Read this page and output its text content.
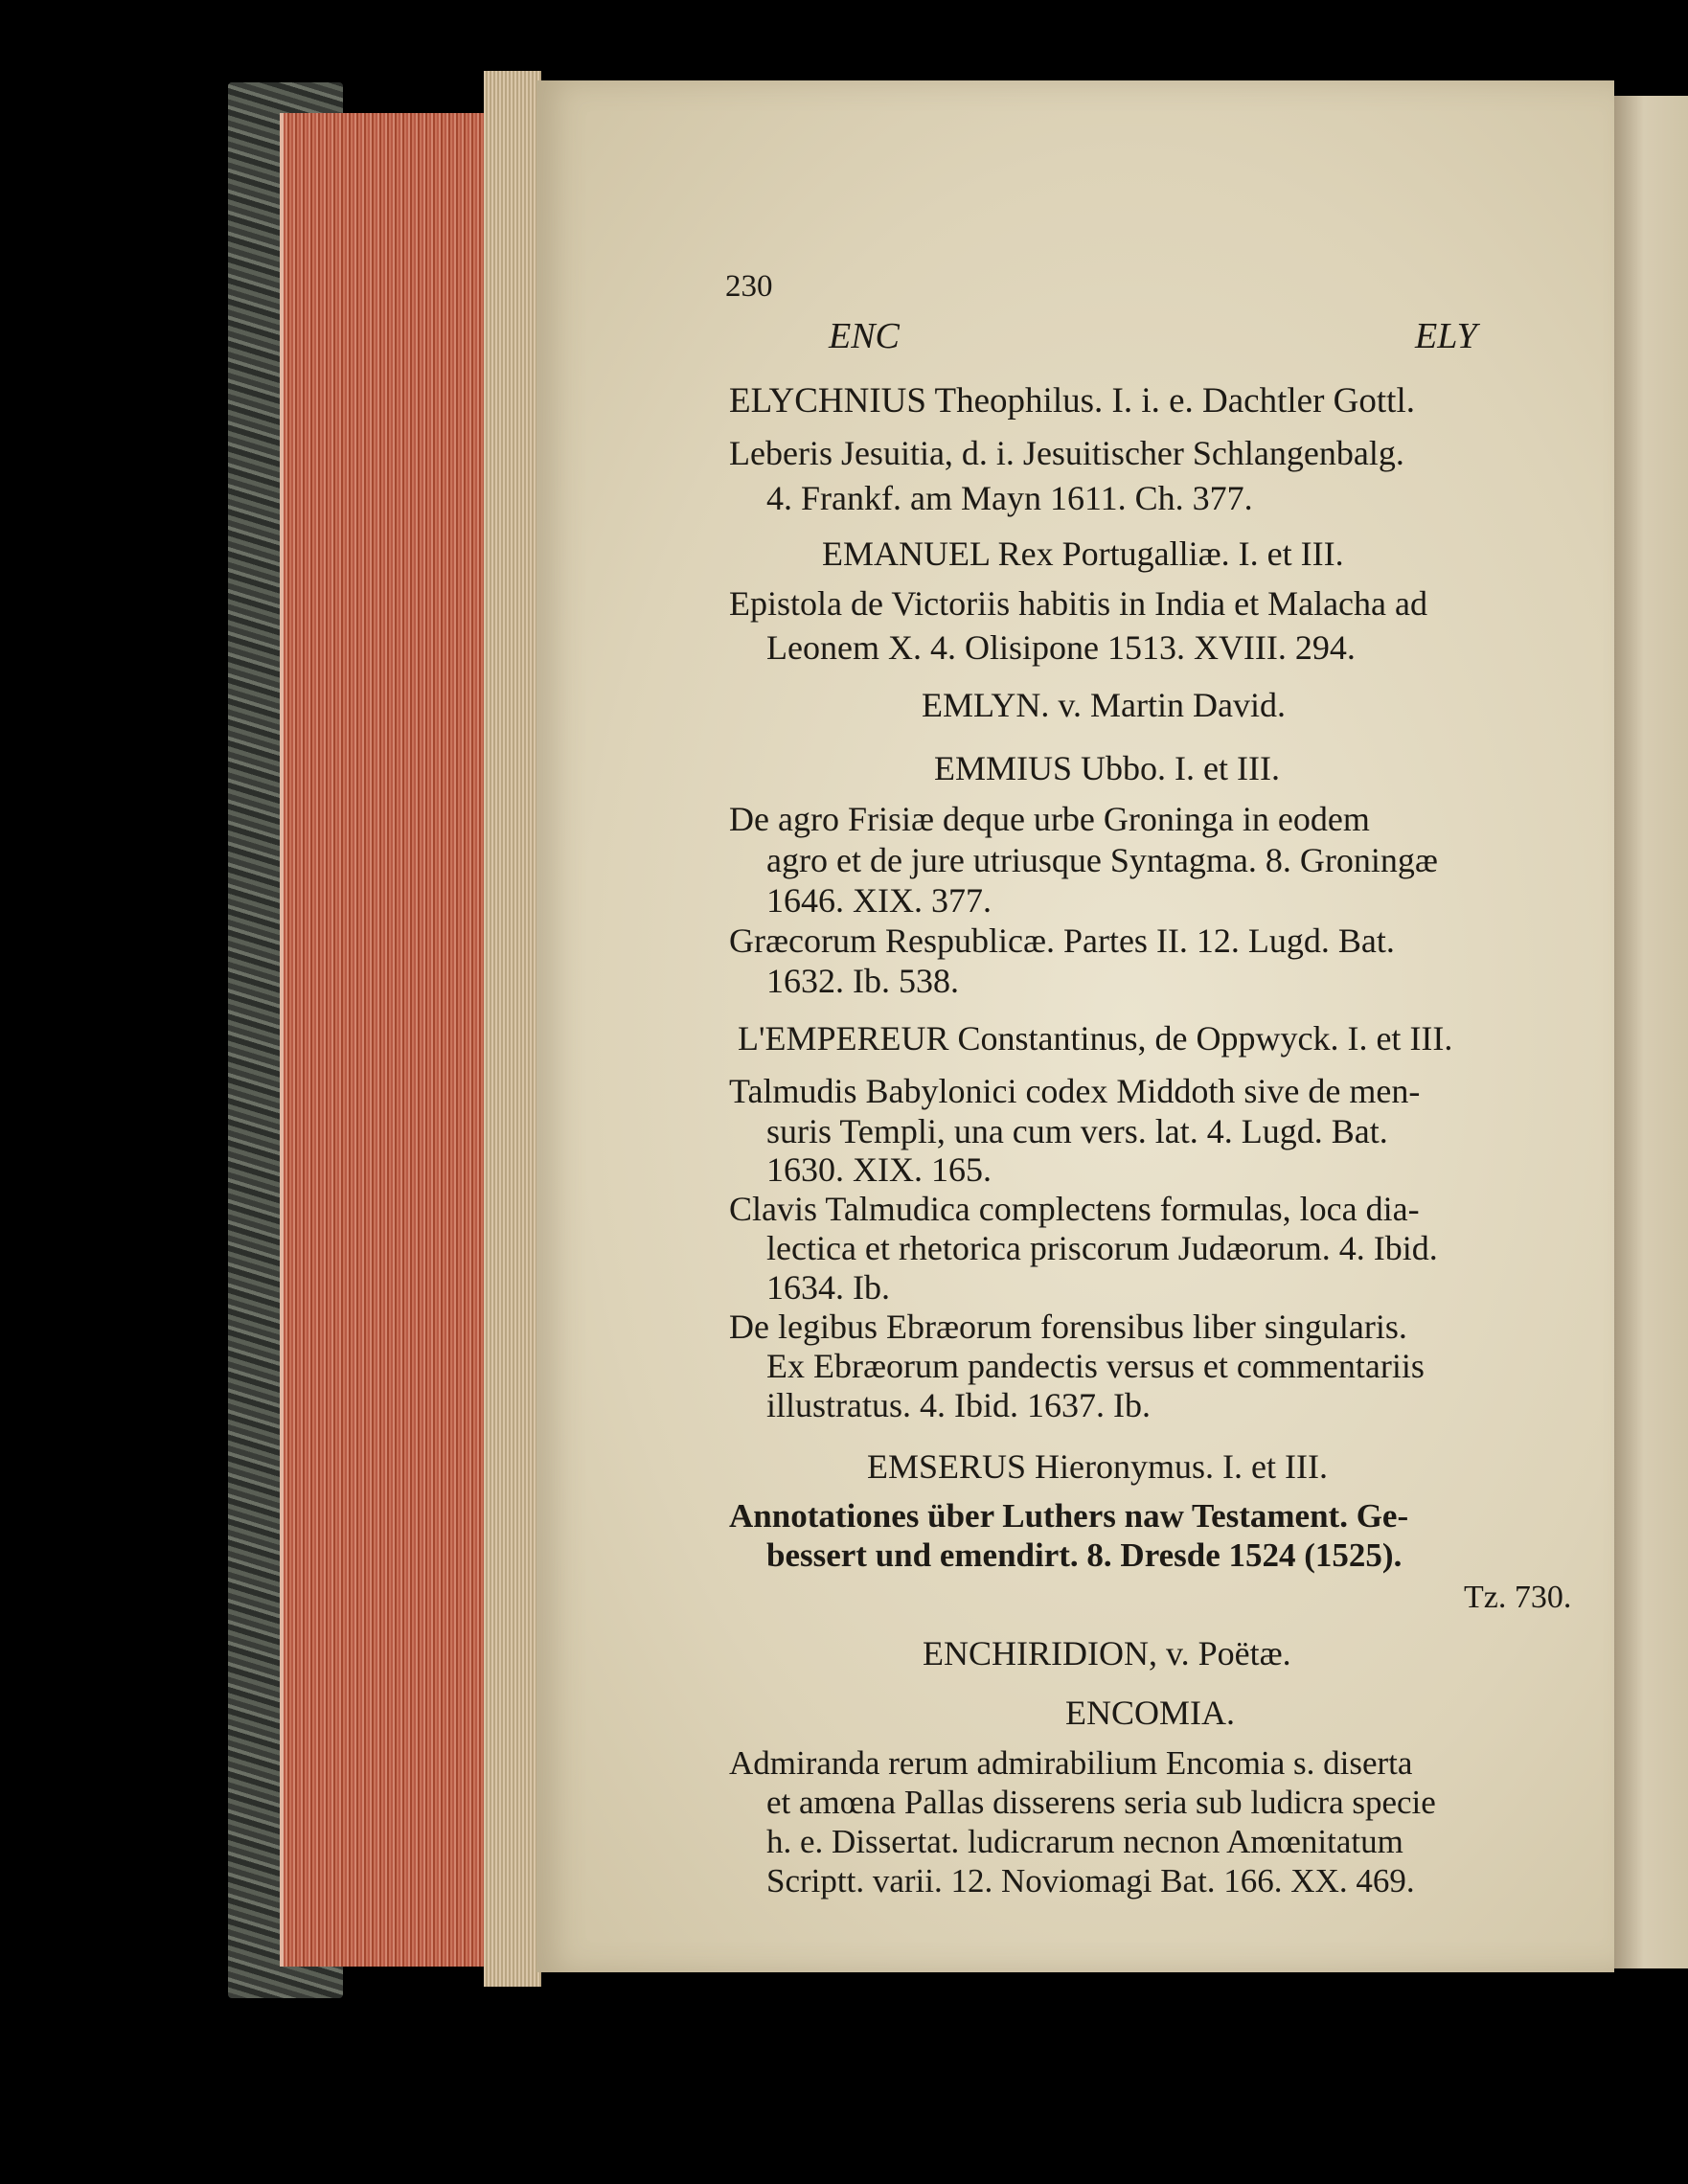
230
ENC	ELY
ELYCHNIUS Theophilus. I. i. e. Dachtler Gottl.
Leberis Jesuitia, d. i. Jesuitischer Schlangenbalg.
4. Frankf. am Mayn 1611. Ch. 377.
EMANUEL Rex Portugalliæ. I. et III.
Epistola de Victoriis habitis in India et Malacha ad
Leonem X. 4. Olisipone 1513. XVIII. 294.
EMLYN. v. Martin David.
EMMIUS Ubbo. I. et III.
De agro Frisiæ deque urbe Groninga in eodem
agro et de jure utriusque Syntagma. 8. Groningæ
1646. XIX. 377.
Græcorum Respublicæ. Partes II. 12. Lugd. Bat.
1632. Ib. 538.
L'EMPEREUR Constantinus, de Oppwyck. I. et III.
Talmudis Babylonici codex Middoth sive de men-
suris Templi, una cum vers. lat. 4. Lugd. Bat.
1630. XIX. 165.
Clavis Talmudica complectens formulas, loca dia-
lectica et rhetorica priscorum Judæorum. 4. Ibid.
1634. Ib.
De legibus Ebræorum forensibus liber singularis.
Ex Ebræorum pandectis versus et commentariis
illustratus. 4. Ibid. 1637. Ib.
EMSERUS Hieronymus. I. et III.
Annotationes über Luthers naw Testament. Ge-
bessert und emendirt. 8. Dresde 1524 (1525).
Tz. 730.
ENCHIRIDION, v. Poëtæ.
ENCOMIA.
Admiranda rerum admirabilium Encomia s. diserta
et amœna Pallas disserens seria sub ludicra specie
h. e. Dissertat. ludicrarum necnon Amœnitatum
Scriptt. varii. 12. Noviomagi Bat. 166. XX. 469.
